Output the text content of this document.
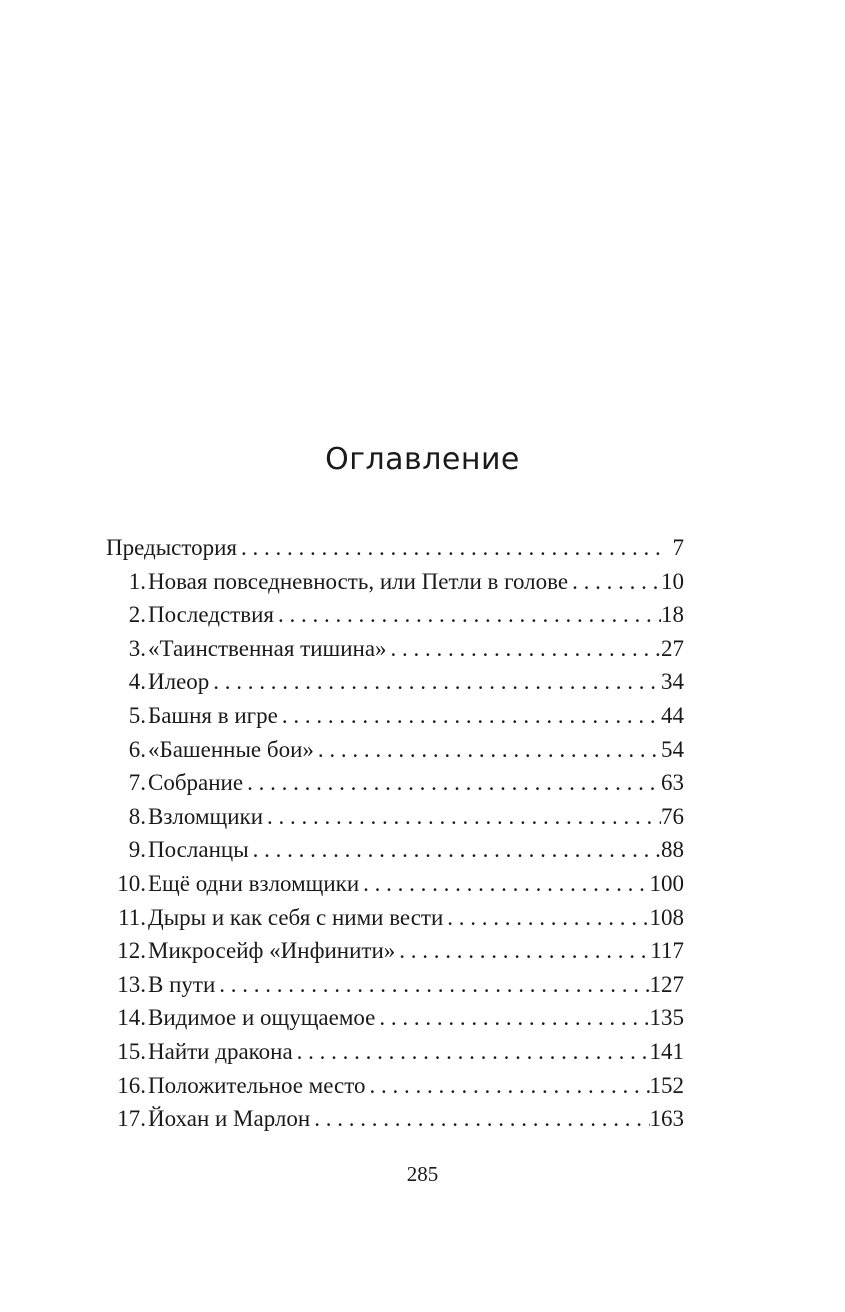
Оглавление
Предыстория . . .	7
1. Новая повседневность, или Петли в голове . . .	10
2. Последствия . . .	18
3. «Таинственная тишина» . . .	27
4. Илеор . . .	34
5. Башня в игре . . .	44
6. «Башенные бои» . . .	54
7. Собрание . . .	63
8. Взломщики . . .	76
9. Посланцы . . .	88
10. Ещё одни взломщики . . .	100
11. Дыры и как себя с ними вести . . .	108
12. Микросейф «Инфинити» . . .	117
13. В пути . . .	127
14. Видимое и ощущаемое . . .	135
15. Найти дракона . . .	141
16. Положительное место . . .	152
17. Йохан и Марлон . . .	163

285
